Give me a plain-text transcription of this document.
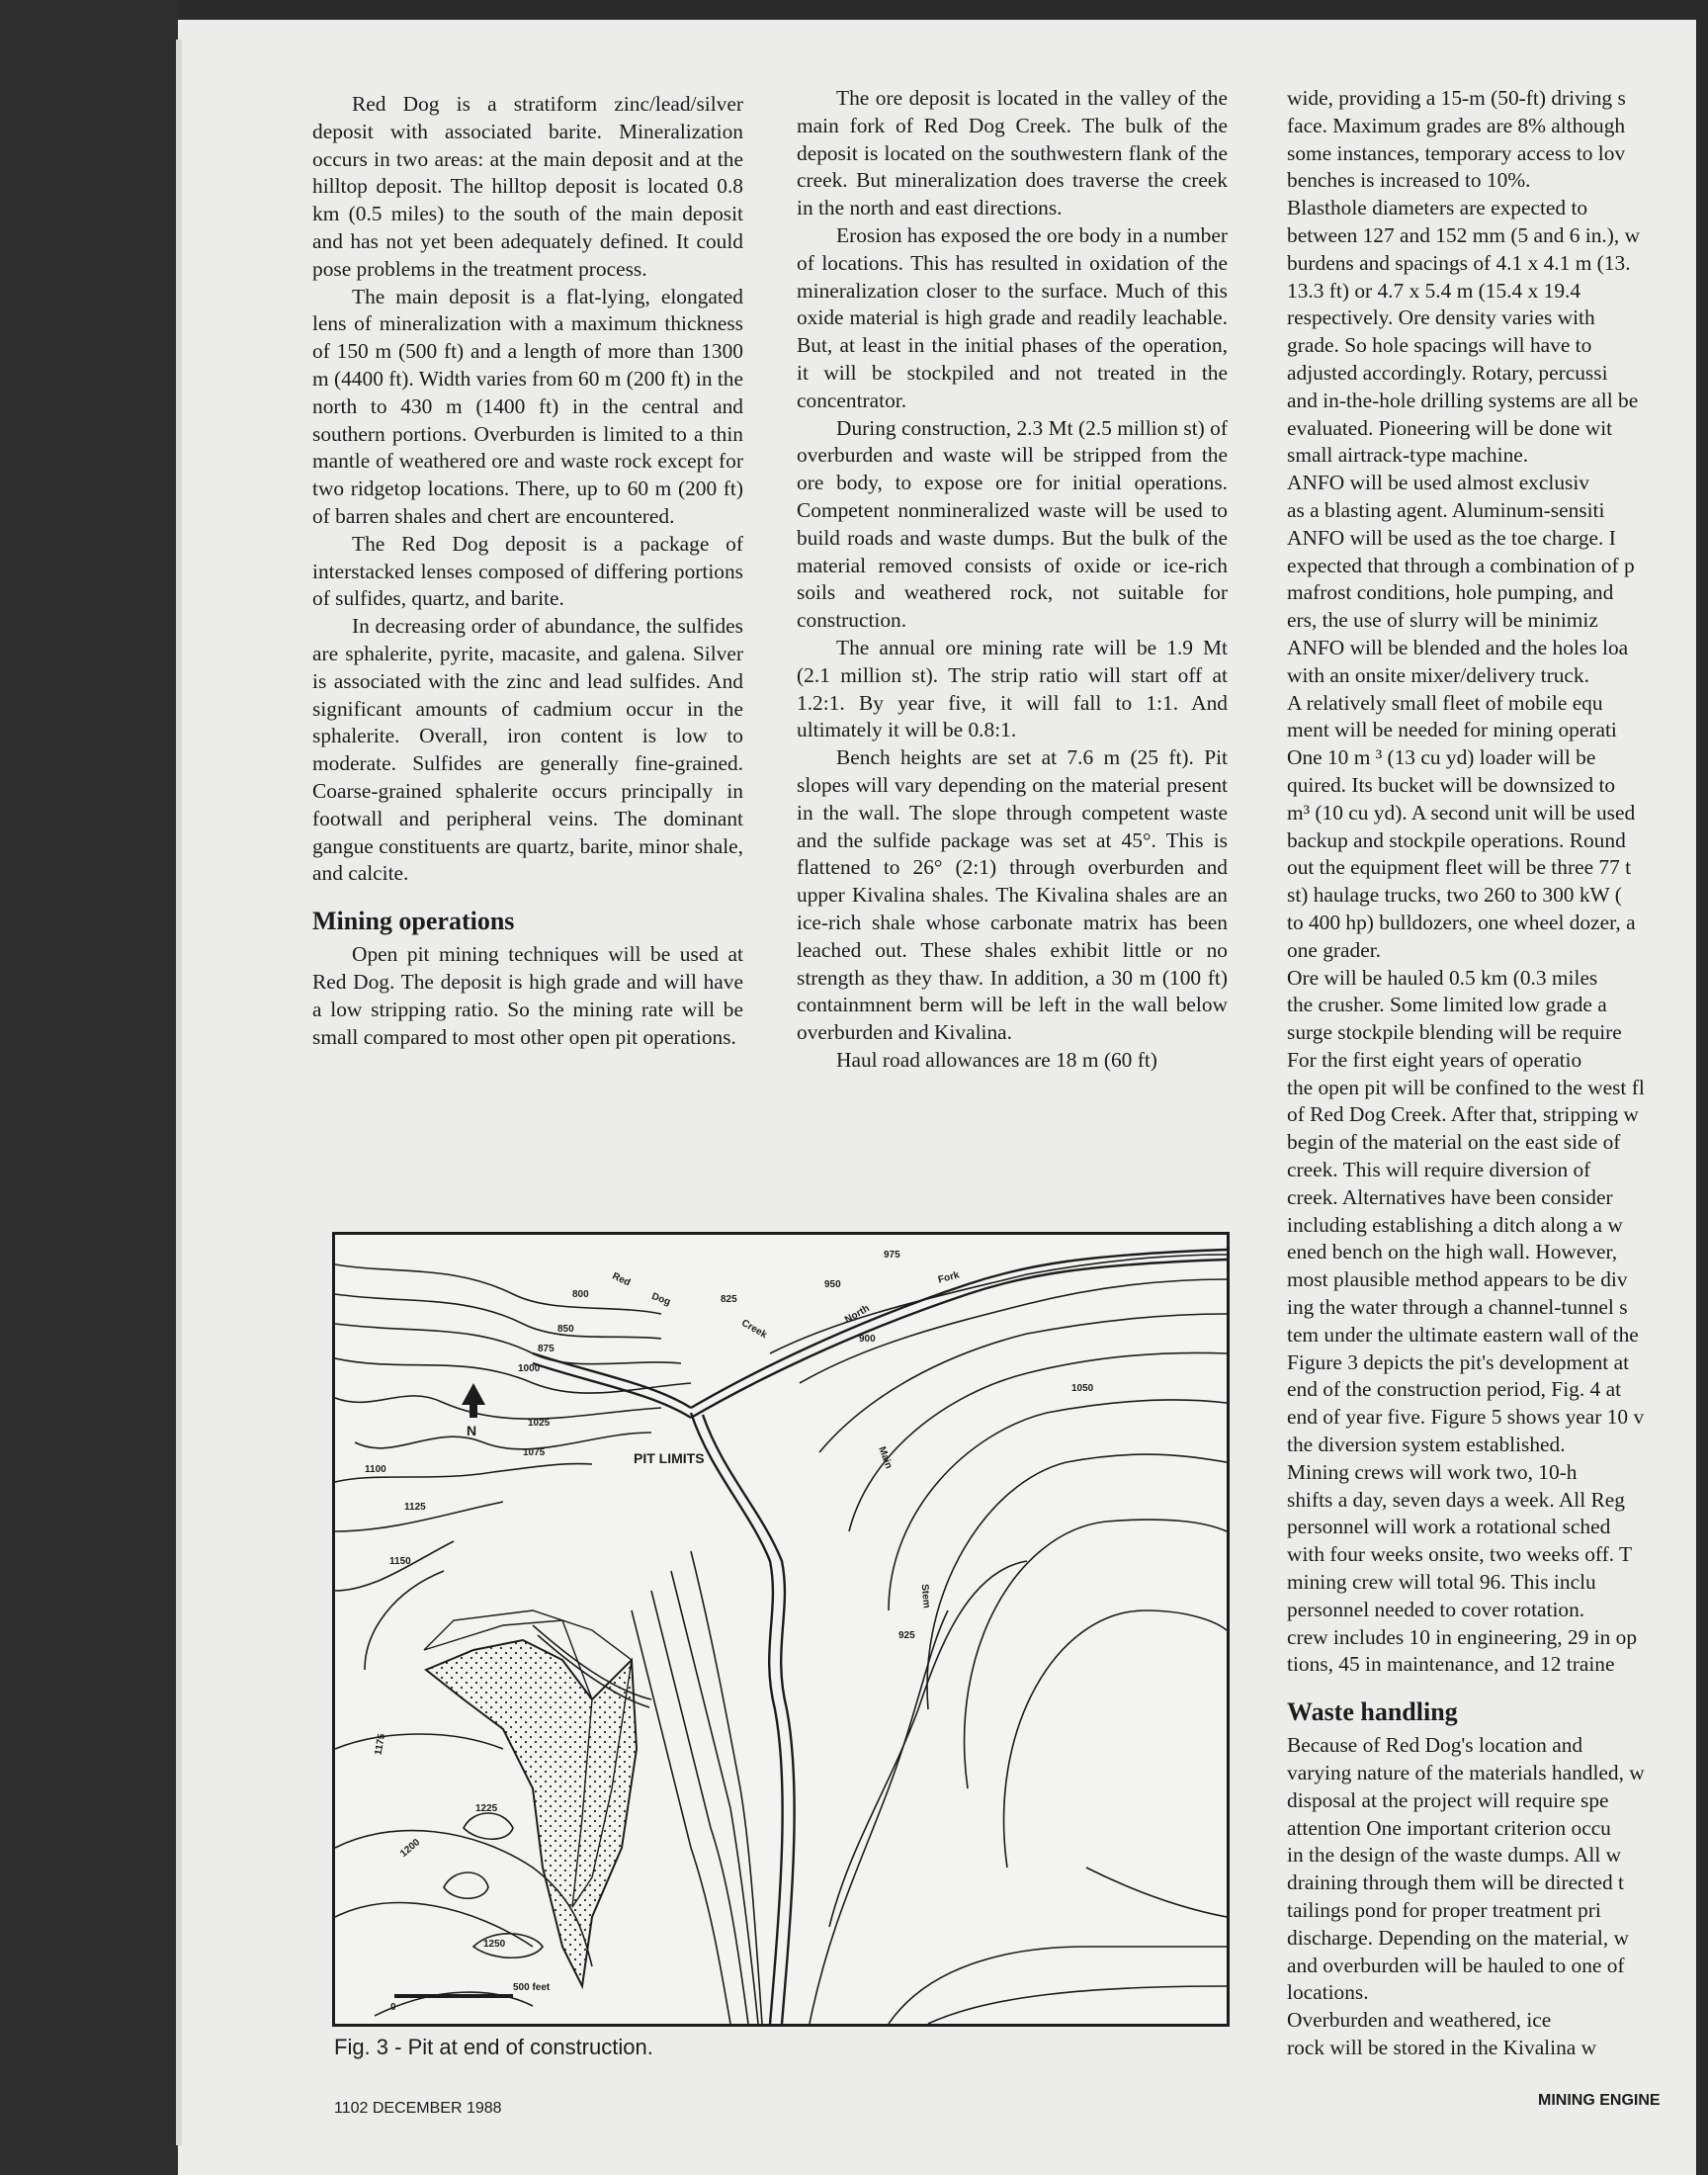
Red Dog is a stratiform zinc/lead/silver deposit with associated barite. Mineralization occurs in two areas: at the main deposit and at the hilltop deposit. The hilltop deposit is located 0.8 km (0.5 miles) to the south of the main deposit and has not yet been adequately defined. It could pose problems in the treatment process.

The main deposit is a flat-lying, elongated lens of mineralization with a maximum thickness of 150 m (500 ft) and a length of more than 1300 m (4400 ft). Width varies from 60 m (200 ft) in the north to 430 m (1400 ft) in the central and southern portions. Overburden is limited to a thin mantle of weathered ore and waste rock except for two ridgetop locations. There, up to 60 m (200 ft) of barren shales and chert are encountered.

The Red Dog deposit is a package of interstacked lenses composed of differing portions of sulfides, quartz, and barite.

In decreasing order of abundance, the sulfides are sphalerite, pyrite, macasite, and galena. Silver is associated with the zinc and lead sulfides. And significant amounts of cadmium occur in the sphalerite. Overall, iron content is low to moderate. Sulfides are generally fine-grained. Coarse-grained sphalerite occurs principally in footwall and peripheral veins. The dominant gangue constituents are quartz, barite, minor shale, and calcite.

Mining operations

Open pit mining techniques will be used at Red Dog. The deposit is high grade and will have a low stripping ratio. So the mining rate will be small compared to most other open pit operations.

The ore deposit is located in the valley of the main fork of Red Dog Creek. The bulk of the deposit is located on the southwestern flank of the creek. But mineralization does traverse the creek in the north and east directions.

Erosion has exposed the ore body in a number of locations. This has resulted in oxidation of the mineralization closer to the surface. Much of this oxide material is high grade and readily leachable. But, at least in the initial phases of the operation, it will be stockpiled and not treated in the concentrator.

During construction, 2.3 Mt (2.5 million st) of overburden and waste will be stripped from the ore body, to expose ore for initial operations. Competent nonmineralized waste will be used to build roads and waste dumps. But the bulk of the material removed consists of oxide or ice-rich soils and weathered rock, not suitable for construction.

The annual ore mining rate will be 1.9 Mt (2.1 million st). The strip ratio will start off at 1.2:1. By year five, it will fall to 1:1. And ultimately it will be 0.8:1.

Bench heights are set at 7.6 m (25 ft). Pit slopes will vary depending on the material present in the wall. The slope through competent waste and the sulfide package was set at 45°. This is flattened to 26° (2:1) through overburden and upper Kivalina shales. The Kivalina shales are an ice-rich shale whose carbonate matrix has been leached out. These shales exhibit little or no strength as they thaw. In addition, a 30 m (100 ft) containmnent berm will be left in the wall below overburden and Kivalina.

Haul road allowances are 18 m (60 ft)

wide, providing a 15-m (50-ft) driving s

face. Maximum grades are 8% although

some instances, temporary access to lov

benches is increased to 10%.

Blasthole diameters are expected to

between 127 and 152 mm (5 and 6 in.), w

burdens and spacings of 4.1 x 4.1 m (13.

13.3 ft) or 4.7 x 5.4 m (15.4 x 19.4

respectively. Ore density varies with

grade. So hole spacings will have to

adjusted accordingly. Rotary, percussi

and in-the-hole drilling systems are all be

evaluated. Pioneering will be done wit

small airtrack-type machine.

ANFO will be used almost exclusiv

as a blasting agent. Aluminum-sensiti

ANFO will be used as the toe charge. I

expected that through a combination of p

mafrost conditions, hole pumping, and

ers, the use of slurry will be minimiz

ANFO will be blended and the holes loa

with an onsite mixer/delivery truck.

A relatively small fleet of mobile equ

ment will be needed for mining operati

One 10 m ³ (13 cu yd) loader will be

quired. Its bucket will be downsized to

m³ (10 cu yd). A second unit will be used

backup and stockpile operations. Round

out the equipment fleet will be three 77 t

st) haulage trucks, two 260 to 300 kW (

to 400 hp) bulldozers, one wheel dozer, a

one grader.

Ore will be hauled 0.5 km (0.3 miles

the crusher. Some limited low grade a

surge stockpile blending will be require

For the first eight years of operatio

the open pit will be confined to the west fl

of Red Dog Creek. After that, stripping w

begin of the material on the east side of

creek. This will require diversion of

creek. Alternatives have been consider

including establishing a ditch along a w

ened bench on the high wall. However,

most plausible method appears to be div

ing the water through a channel-tunnel s

tem under the ultimate eastern wall of the

Figure 3 depicts the pit's development at

end of the construction period, Fig. 4 at

end of year five. Figure 5 shows year 10 v

the diversion system established.

Mining crews will work two, 10-h

shifts a day, seven days a week. All Reg

personnel will work a rotational sched

with four weeks onsite, two weeks off. T

mining crew will total 96. This inclu

personnel needed to cover rotation.

crew includes 10 in engineering, 29 in op

tions, 45 in maintenance, and 12 traine

Waste handling

Because of Red Dog's location and

varying nature of the materials handled, w

disposal at the project will require spe

attention One important criterion occu

in the design of the waste dumps. All w

draining through them will be directed t

tailings pond for proper treatment pri

discharge. Depending on the material, w

and overburden will be hauled to one of

locations.

Overburden and weathered, ice

rock will be stored in the Kivalina w

N
PIT LIMITS
0
500 feet
Red
Dog
Creek
North
Fork
Main
Stem
800	825
850
875
900
925
950
975
1000
1025
1050
1075
1100
1125
1150
1175
1200
1225
1250
Fig. 3 - Pit at end of construction.
1102 DECEMBER 1988	MINING ENGINE
